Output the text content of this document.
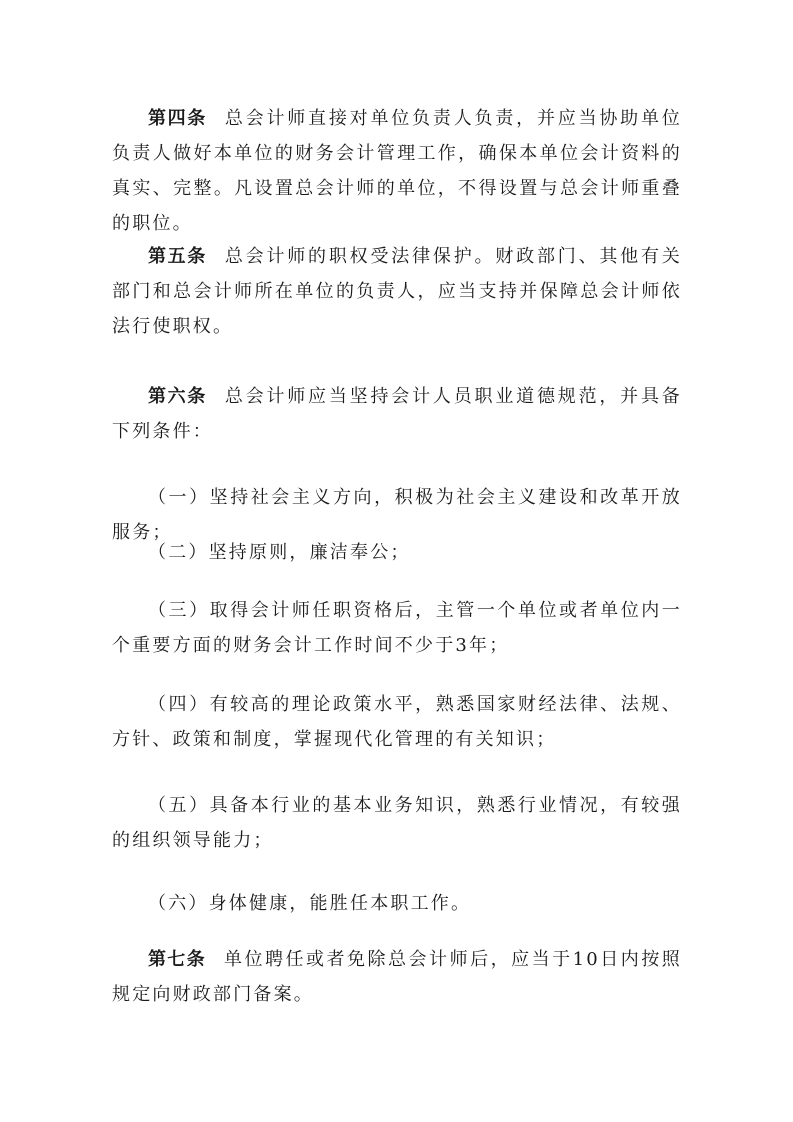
第四条 总会计师直接对单位负责人负责，并应当协助单位负责人做好本单位的财务会计管理工作，确保本单位会计资料的真实、完整。凡设置总会计师的单位，不得设置与总会计师重叠的职位。

第五条 总会计师的职权受法律保护。财政部门、其他有关部门和总会计师所在单位的负责人，应当支持并保障总会计师依法行使职权。

第六条 总会计师应当坚持会计人员职业道德规范，并具备下列条件：

（一）坚持社会主义方向，积极为社会主义建设和改革开放服务；

（二）坚持原则，廉洁奉公；

（三）取得会计师任职资格后，主管一个单位或者单位内一个重要方面的财务会计工作时间不少于3年；

（四）有较高的理论政策水平，熟悉国家财经法律、法规、方针、政策和制度，掌握现代化管理的有关知识；

（五）具备本行业的基本业务知识，熟悉行业情况，有较强的组织领导能力；

（六）身体健康，能胜任本职工作。

第七条 单位聘任或者免除总会计师后，应当于10日内按照规定向财政部门备案。
